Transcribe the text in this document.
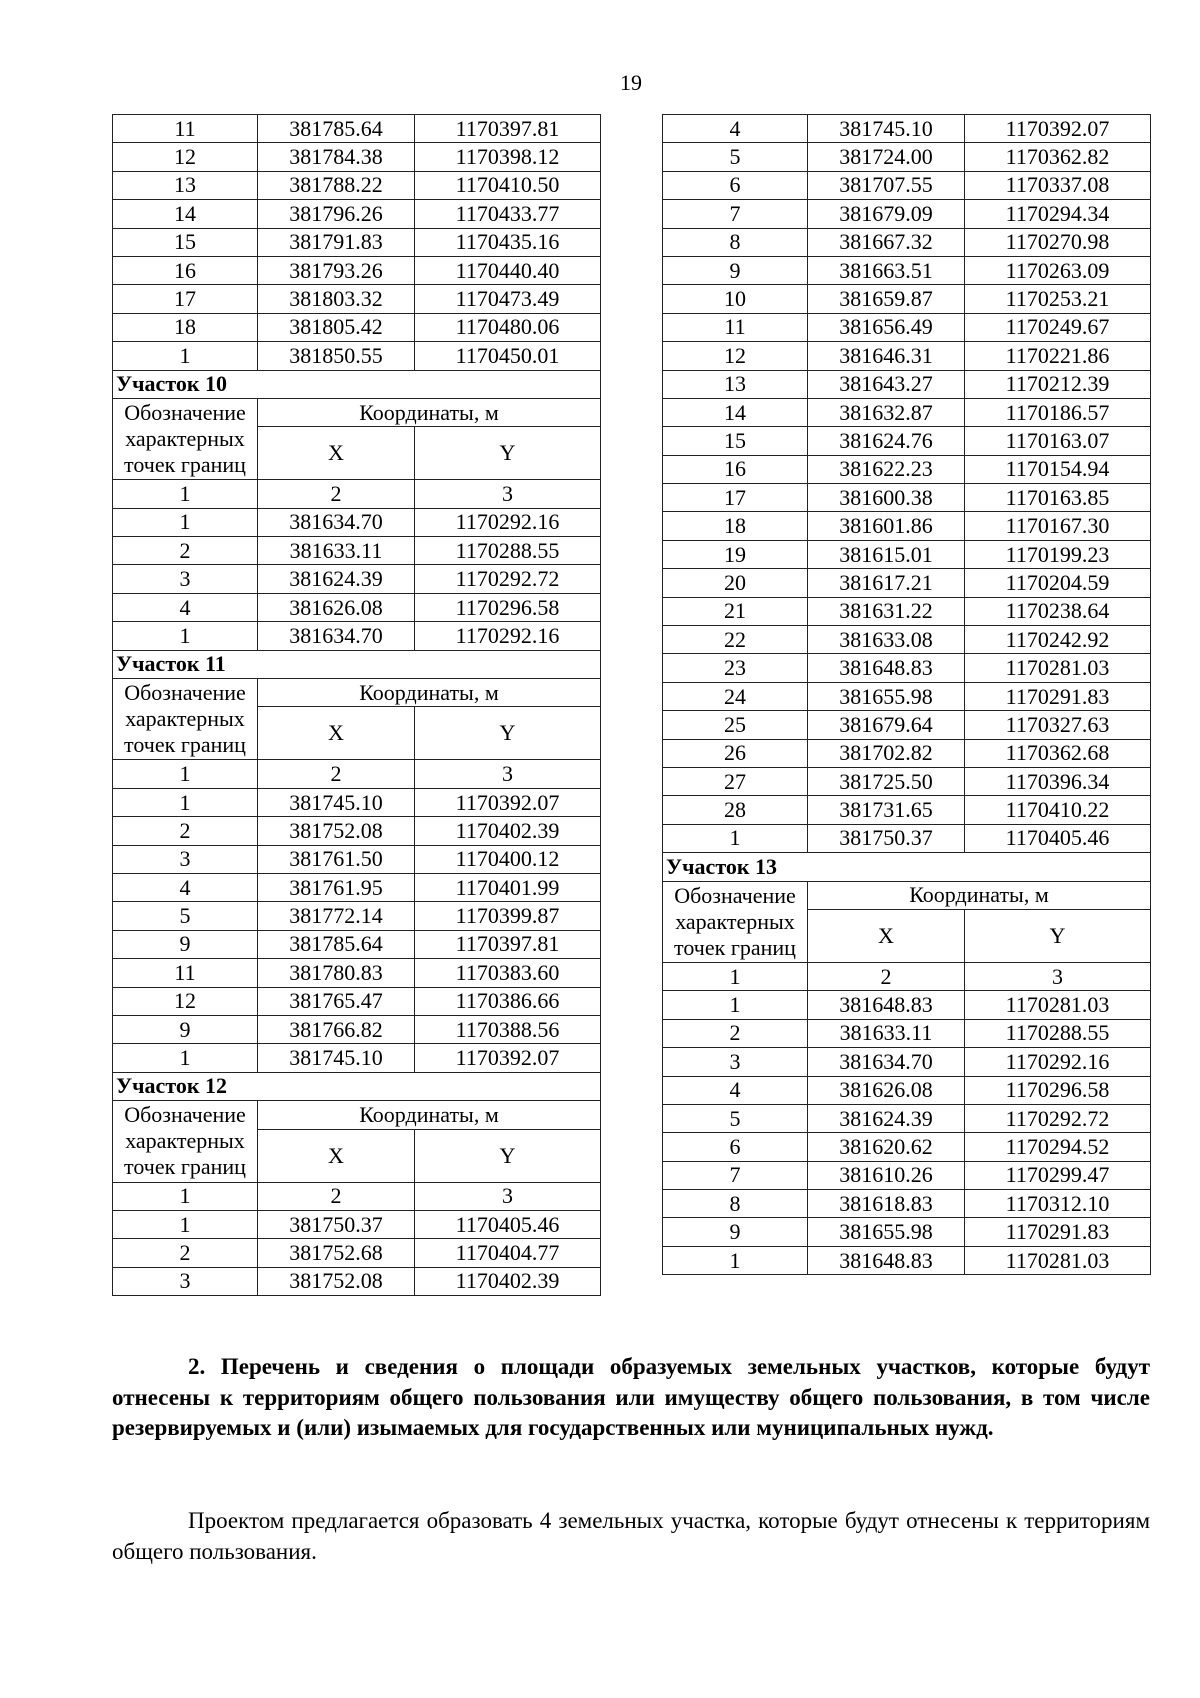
19
11	381785.64	1170397.81
12	381784.38	1170398.12
13	381788.22	1170410.50
14	381796.26	1170433.77
15	381791.83	1170435.16
16	381793.26	1170440.40
17	381803.32	1170473.49
18	381805.42	1170480.06
1	381850.55	1170450.01
Участок 10		
Обозначение характерных точек границ	Координаты, м	
	X	Y
1	2	3
1	381634.70	1170292.16
2	381633.11	1170288.55
3	381624.39	1170292.72
4	381626.08	1170296.58
1	381634.70	1170292.16
Участок 11		
Обозначение характерных точек границ	Координаты, м	
	X	Y
1	2	3
1	381745.10	1170392.07
2	381752.08	1170402.39
3	381761.50	1170400.12
4	381761.95	1170401.99
5	381772.14	1170399.87
9	381785.64	1170397.81
11	381780.83	1170383.60
12	381765.47	1170386.66
9	381766.82	1170388.56
1	381745.10	1170392.07
Участок 12		
Обозначение характерных точек границ	Координаты, м	
	X	Y
1	2	3
1	381750.37	1170405.46
2	381752.68	1170404.77
3	381752.08	1170402.39
4	381745.10	1170392.07
5	381724.00	1170362.82
6	381707.55	1170337.08
7	381679.09	1170294.34
8	381667.32	1170270.98
9	381663.51	1170263.09
10	381659.87	1170253.21
11	381656.49	1170249.67
12	381646.31	1170221.86
13	381643.27	1170212.39
14	381632.87	1170186.57
15	381624.76	1170163.07
16	381622.23	1170154.94
17	381600.38	1170163.85
18	381601.86	1170167.30
19	381615.01	1170199.23
20	381617.21	1170204.59
21	381631.22	1170238.64
22	381633.08	1170242.92
23	381648.83	1170281.03
24	381655.98	1170291.83
25	381679.64	1170327.63
26	381702.82	1170362.68
27	381725.50	1170396.34
28	381731.65	1170410.22
1	381750.37	1170405.46
Участок 13		
Обозначение характерных точек границ	Координаты, м	
	X	Y
1	2	3
1	381648.83	1170281.03
2	381633.11	1170288.55
3	381634.70	1170292.16
4	381626.08	1170296.58
5	381624.39	1170292.72
6	381620.62	1170294.52
7	381610.26	1170299.47
8	381618.83	1170312.10
9	381655.98	1170291.83
1	381648.83	1170281.03
2. Перечень и сведения о площади образуемых земельных участков, которые будут отнесены к территориям общего пользования или имуществу общего пользования, в том числе резервируемых и (или) изымаемых для государственных или муниципальных нужд.
Проектом предлагается образовать 4 земельных участка, которые будут отнесены к территориям общего пользования.
